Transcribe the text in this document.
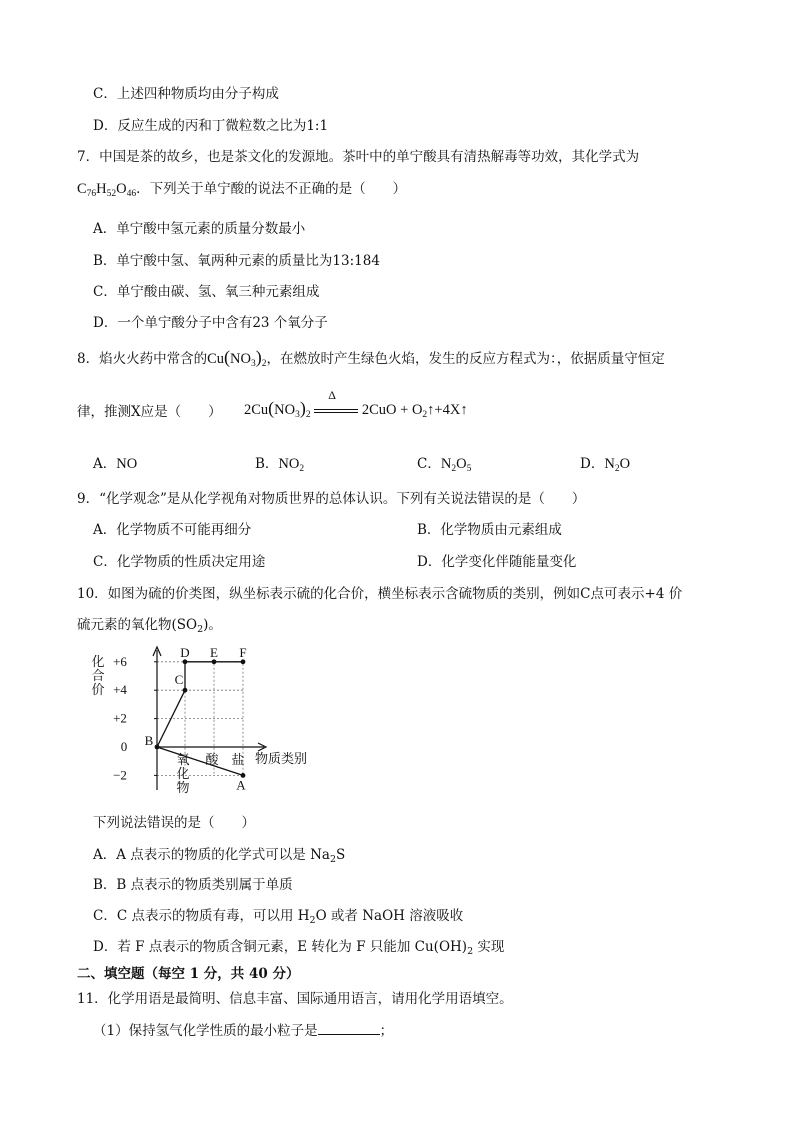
C．上述四种物质均由分子构成
D．反应生成的丙和丁微粒数之比为1:1
7．中国是茶的故乡，也是茶文化的发源地。茶叶中的单宁酸具有清热解毒等功效，其化学式为
$C_{76}H_{52}O_{46}$．下列关于单宁酸的说法不正确的是（　　）
A．单宁酸中氢元素的质量分数最小
B．单宁酸中氢、氧两种元素的质量比为13:184
C．单宁酸由碳、氢、氧三种元素组成
D．一个单宁酸分子中含有23 个氧分子
8．焰火火药中常含的$Cu(NO_3)_2$，在燃放时产生绿色火焰，发生的反应方程式为：，依据质量守恒定
律，推测X应是（　　） $2Cu(NO_3)_2$
Δ
$2CuO + O_2↑+4X↑$
A．NO	B．$NO_2$	C．$N_2O_5$	D．$N_2O$
9．“化学观念”是从化学视角对物质世界的总体认识。下列有关说法错误的是（　　）
A．化学物质不可能再细分	B．化学物质由元素组成
C．化学物质的性质决定用途	D．化学变化伴随能量变化
10．如图为硫的价类图，纵坐标表示硫的化合价，横坐标表示含硫物质的类别，例如C点可表示+4 价
硫元素的氧化物$(SO_2)$。
化
合
价
+6
+4
+2
0
−2
氧
化
物
酸 盐 物质类别
A
B
C
D E F
下列说法错误的是（　　）
A．A 点表示的物质的化学式可以是 $Na_2S$
B．B 点表示的物质类别属于单质
C．C 点表示的物质有毒，可以用 $H_2O$ 或者 NaOH 溶液吸收
D．若 F 点表示的物质含铜元素，E 转化为 F 只能加 $Cu(OH)_2$ 实现
二、填空题（每空 1 分，共 40 分）
11．化学用语是最简明、信息丰富、国际通用语言，请用化学用语填空。
（1）保持氢气化学性质的最小粒子是	；
